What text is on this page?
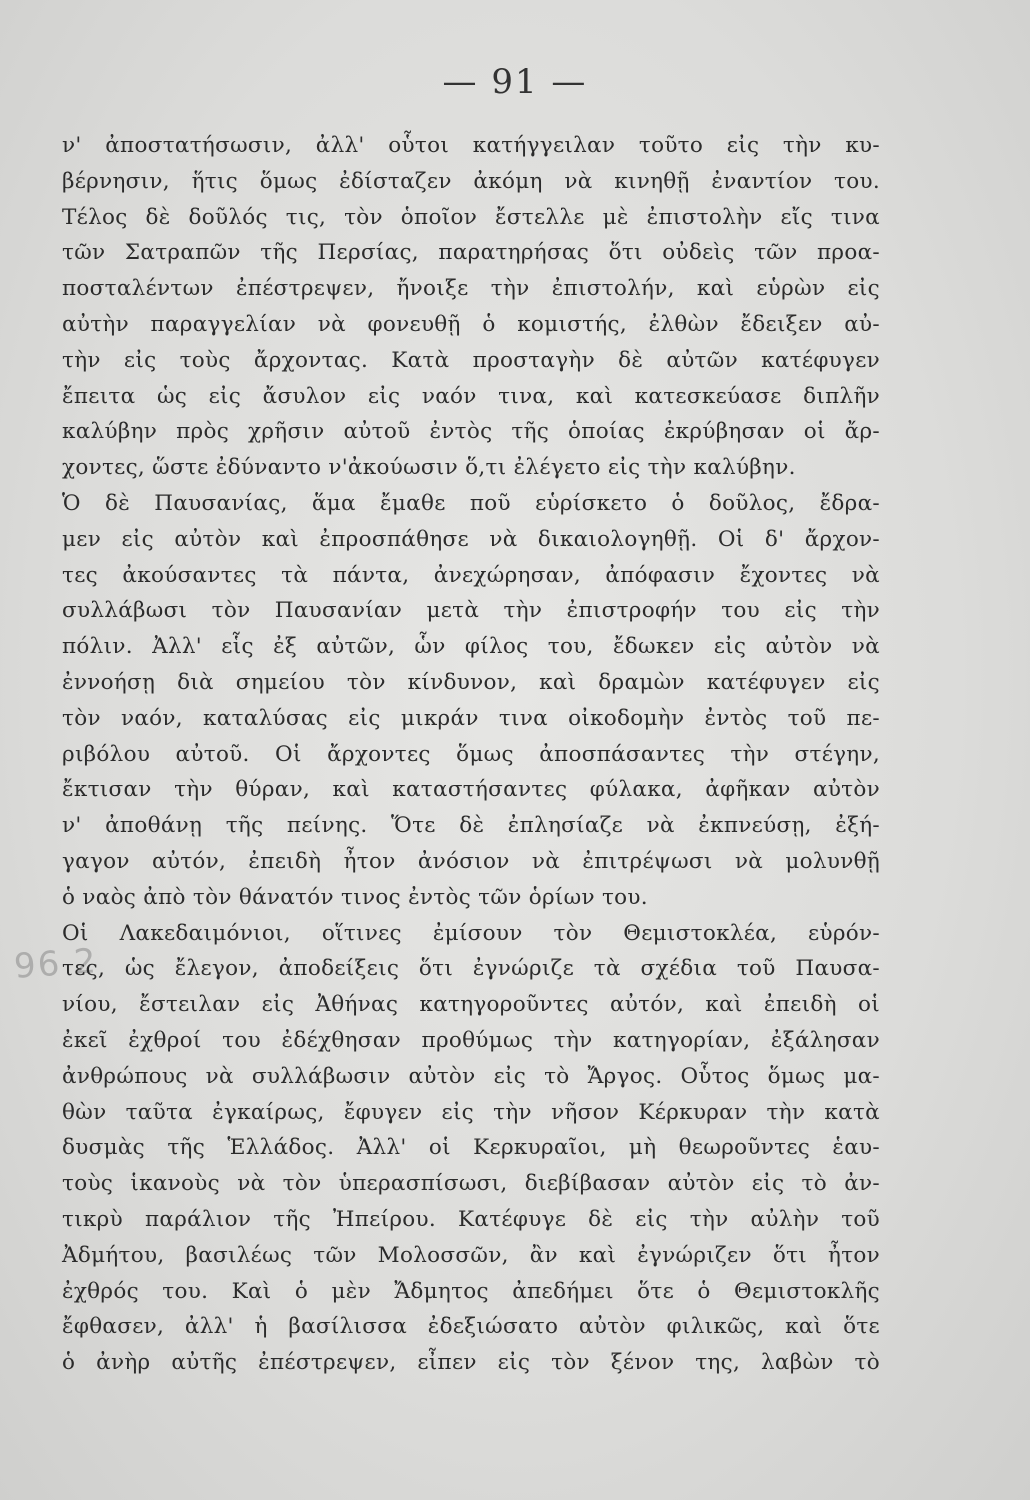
— 91 —
96 2
ν' ἀποστατήσωσιν, ἀλλ' οὗτοι κατήγγειλαν τοῦτο εἰς τὴν κυ-
βέρνησιν, ἥτις ὅμως ἐδίσταζεν ἀκόμη νὰ κινηθῇ ἐναντίον του.
Τέλος δὲ δοῦλός τις, τὸν ὁποῖον ἔστελλε μὲ ἐπιστολὴν εἴς τινα
τῶν Σατραπῶν τῆς Περσίας, παρατηρήσας ὅτι οὐδεὶς τῶν προα-
ποσταλέντων ἐπέστρεψεν, ἤνοιξε τὴν ἐπιστολήν, καὶ εὑρὼν εἰς
αὐτὴν παραγγελίαν νὰ φονευθῇ ὁ κομιστής, ἐλθὼν ἔδειξεν αὐ-
τὴν εἰς τοὺς ἄρχοντας. Κατὰ προσταγὴν δὲ αὐτῶν κατέφυγεν
ἔπειτα ὡς εἰς ἄσυλον εἰς ναόν τινα, καὶ κατεσκεύασε διπλῆν
καλύβην πρὸς χρῆσιν αὐτοῦ ἐντὸς τῆς ὁποίας ἐκρύβησαν οἱ ἄρ-
χοντες, ὥστε ἐδύναντο ν'ἀκούωσιν ὅ,τι ἐλέγετο εἰς τὴν καλύβην.
Ὁ δὲ Παυσανίας, ἅμα ἔμαθε ποῦ εὑρίσκετο ὁ δοῦλος, ἔδρα-
μεν εἰς αὐτὸν καὶ ἐπροσπάθησε νὰ δικαιολογηθῇ. Οἱ δ' ἄρχον-
τες ἀκούσαντες τὰ πάντα, ἀνεχώρησαν, ἀπόφασιν ἔχοντες νὰ
συλλάβωσι τὸν Παυσανίαν μετὰ τὴν ἐπιστροφήν του εἰς τὴν
πόλιν. Ἀλλ' εἷς ἐξ αὐτῶν, ὧν φίλος του, ἔδωκεν εἰς αὐτὸν νὰ
ἐννοήσῃ διὰ σημείου τὸν κίνδυνον, καὶ δραμὼν κατέφυγεν εἰς
τὸν ναόν, καταλύσας εἰς μικράν τινα οἰκοδομὴν ἐντὸς τοῦ πε-
ριβόλου αὐτοῦ. Οἱ ἄρχοντες ὅμως ἀποσπάσαντες τὴν στέγην,
ἔκτισαν τὴν θύραν, καὶ καταστήσαντες φύλακα, ἀφῆκαν αὐτὸν
ν' ἀποθάνῃ τῆς πείνης. Ὅτε δὲ ἐπλησίαζε νὰ ἐκπνεύσῃ, ἐξή-
γαγον αὐτόν, ἐπειδὴ ἦτον ἀνόσιον νὰ ἐπιτρέψωσι νὰ μολυνθῇ
ὁ ναὸς ἀπὸ τὸν θάνατόν τινος ἐντὸς τῶν ὁρίων του.
Οἱ Λακεδαιμόνιοι, οἵτινες ἐμίσουν τὸν Θεμιστοκλέα, εὑρόν-
τες, ὡς ἔλεγον, ἀποδείξεις ὅτι ἐγνώριζε τὰ σχέδια τοῦ Παυσα-
νίου, ἔστειλαν εἰς Ἀθήνας κατηγοροῦντες αὐτόν, καὶ ἐπειδὴ οἱ
ἐκεῖ ἐχθροί του ἐδέχθησαν προθύμως τὴν κατηγορίαν, ἐξάλησαν
ἀνθρώπους νὰ συλλάβωσιν αὐτὸν εἰς τὸ Ἄργος. Οὗτος ὅμως μα-
θὼν ταῦτα ἐγκαίρως, ἔφυγεν εἰς τὴν νῆσον Κέρκυραν τὴν κατὰ
δυσμὰς τῆς Ἑλλάδος. Ἀλλ' οἱ Κερκυραῖοι, μὴ θεωροῦντες ἑαυ-
τοὺς ἱκανοὺς νὰ τὸν ὑπερασπίσωσι, διεβίβασαν αὐτὸν εἰς τὸ ἀν-
τικρὺ παράλιον τῆς Ἠπείρου. Κατέφυγε δὲ εἰς τὴν αὐλὴν τοῦ
Ἀδμήτου, βασιλέως τῶν Μολοσσῶν, ἂν καὶ ἐγνώριζεν ὅτι ἦτον
ἐχθρός του. Καὶ ὁ μὲν Ἄδμητος ἀπεδήμει ὅτε ὁ Θεμιστοκλῆς
ἔφθασεν, ἀλλ' ἡ βασίλισσα ἐδεξιώσατο αὐτὸν φιλικῶς, καὶ ὅτε
ὁ ἀνὴρ αὐτῆς ἐπέστρεψεν, εἶπεν εἰς τὸν ξένον της, λαβὼν τὸ
